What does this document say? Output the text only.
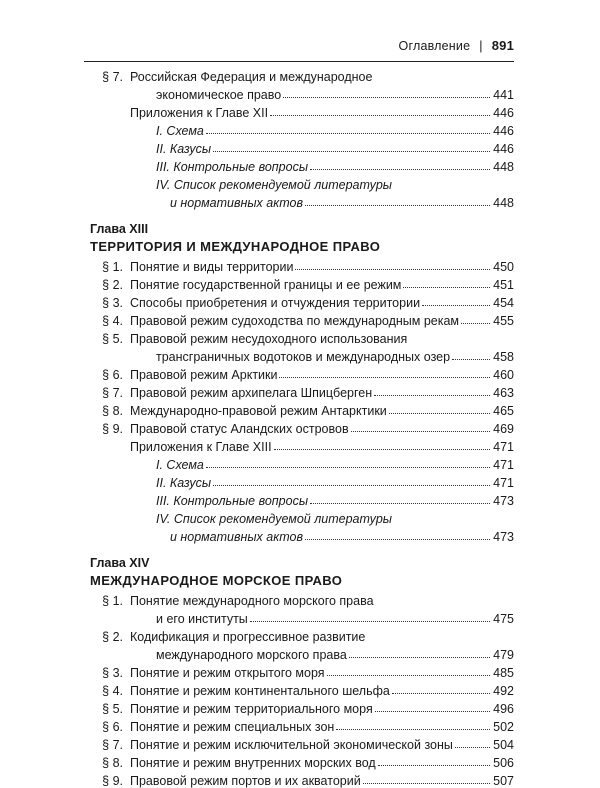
Оглавление | 891
§ 7. Российская Федерация и международное
экономическое право	441
Приложения к Главе XII	446
I. Схема	446
II. Казусы	446
III. Контрольные вопросы	448
IV. Список рекомендуемой литературы
и нормативных актов	448
Глава XIII
ТЕРРИТОРИЯ И МЕЖДУНАРОДНОЕ ПРАВО
§ 1. Понятие и виды территории	450
§ 2. Понятие государственной границы и ее режим	451
§ 3. Способы приобретения и отчуждения территории	454
§ 4. Правовой режим судоходства по международным рекам	455
§ 5. Правовой режим несудоходного использования
трансграничных водотоков и международных озер	458
§ 6. Правовой режим Арктики	460
§ 7. Правовой режим архипелага Шпицберген	463
§ 8. Международно-правовой режим Антарктики	465
§ 9. Правовой статус Аландских островов	469
Приложения к Главе XIII	471
I. Схема	471
II. Казусы	471
III. Контрольные вопросы	473
IV. Список рекомендуемой литературы
и нормативных актов	473
Глава XIV
МЕЖДУНАРОДНОЕ МОРСКОЕ ПРАВО
§ 1. Понятие международного морского права
и его институты	475
§ 2. Кодификация и прогрессивное развитие
международного морского права	479
§ 3. Понятие и режим открытого моря	485
§ 4. Понятие и режим континентального шельфа	492
§ 5. Понятие и режим территориального моря	496
§ 6. Понятие и режим специальных зон	502
§ 7. Понятие и режим исключительной экономической зоны	504
§ 8. Понятие и режим внутренних морских вод	506
§ 9. Правовой режим портов и их акваторий	507
